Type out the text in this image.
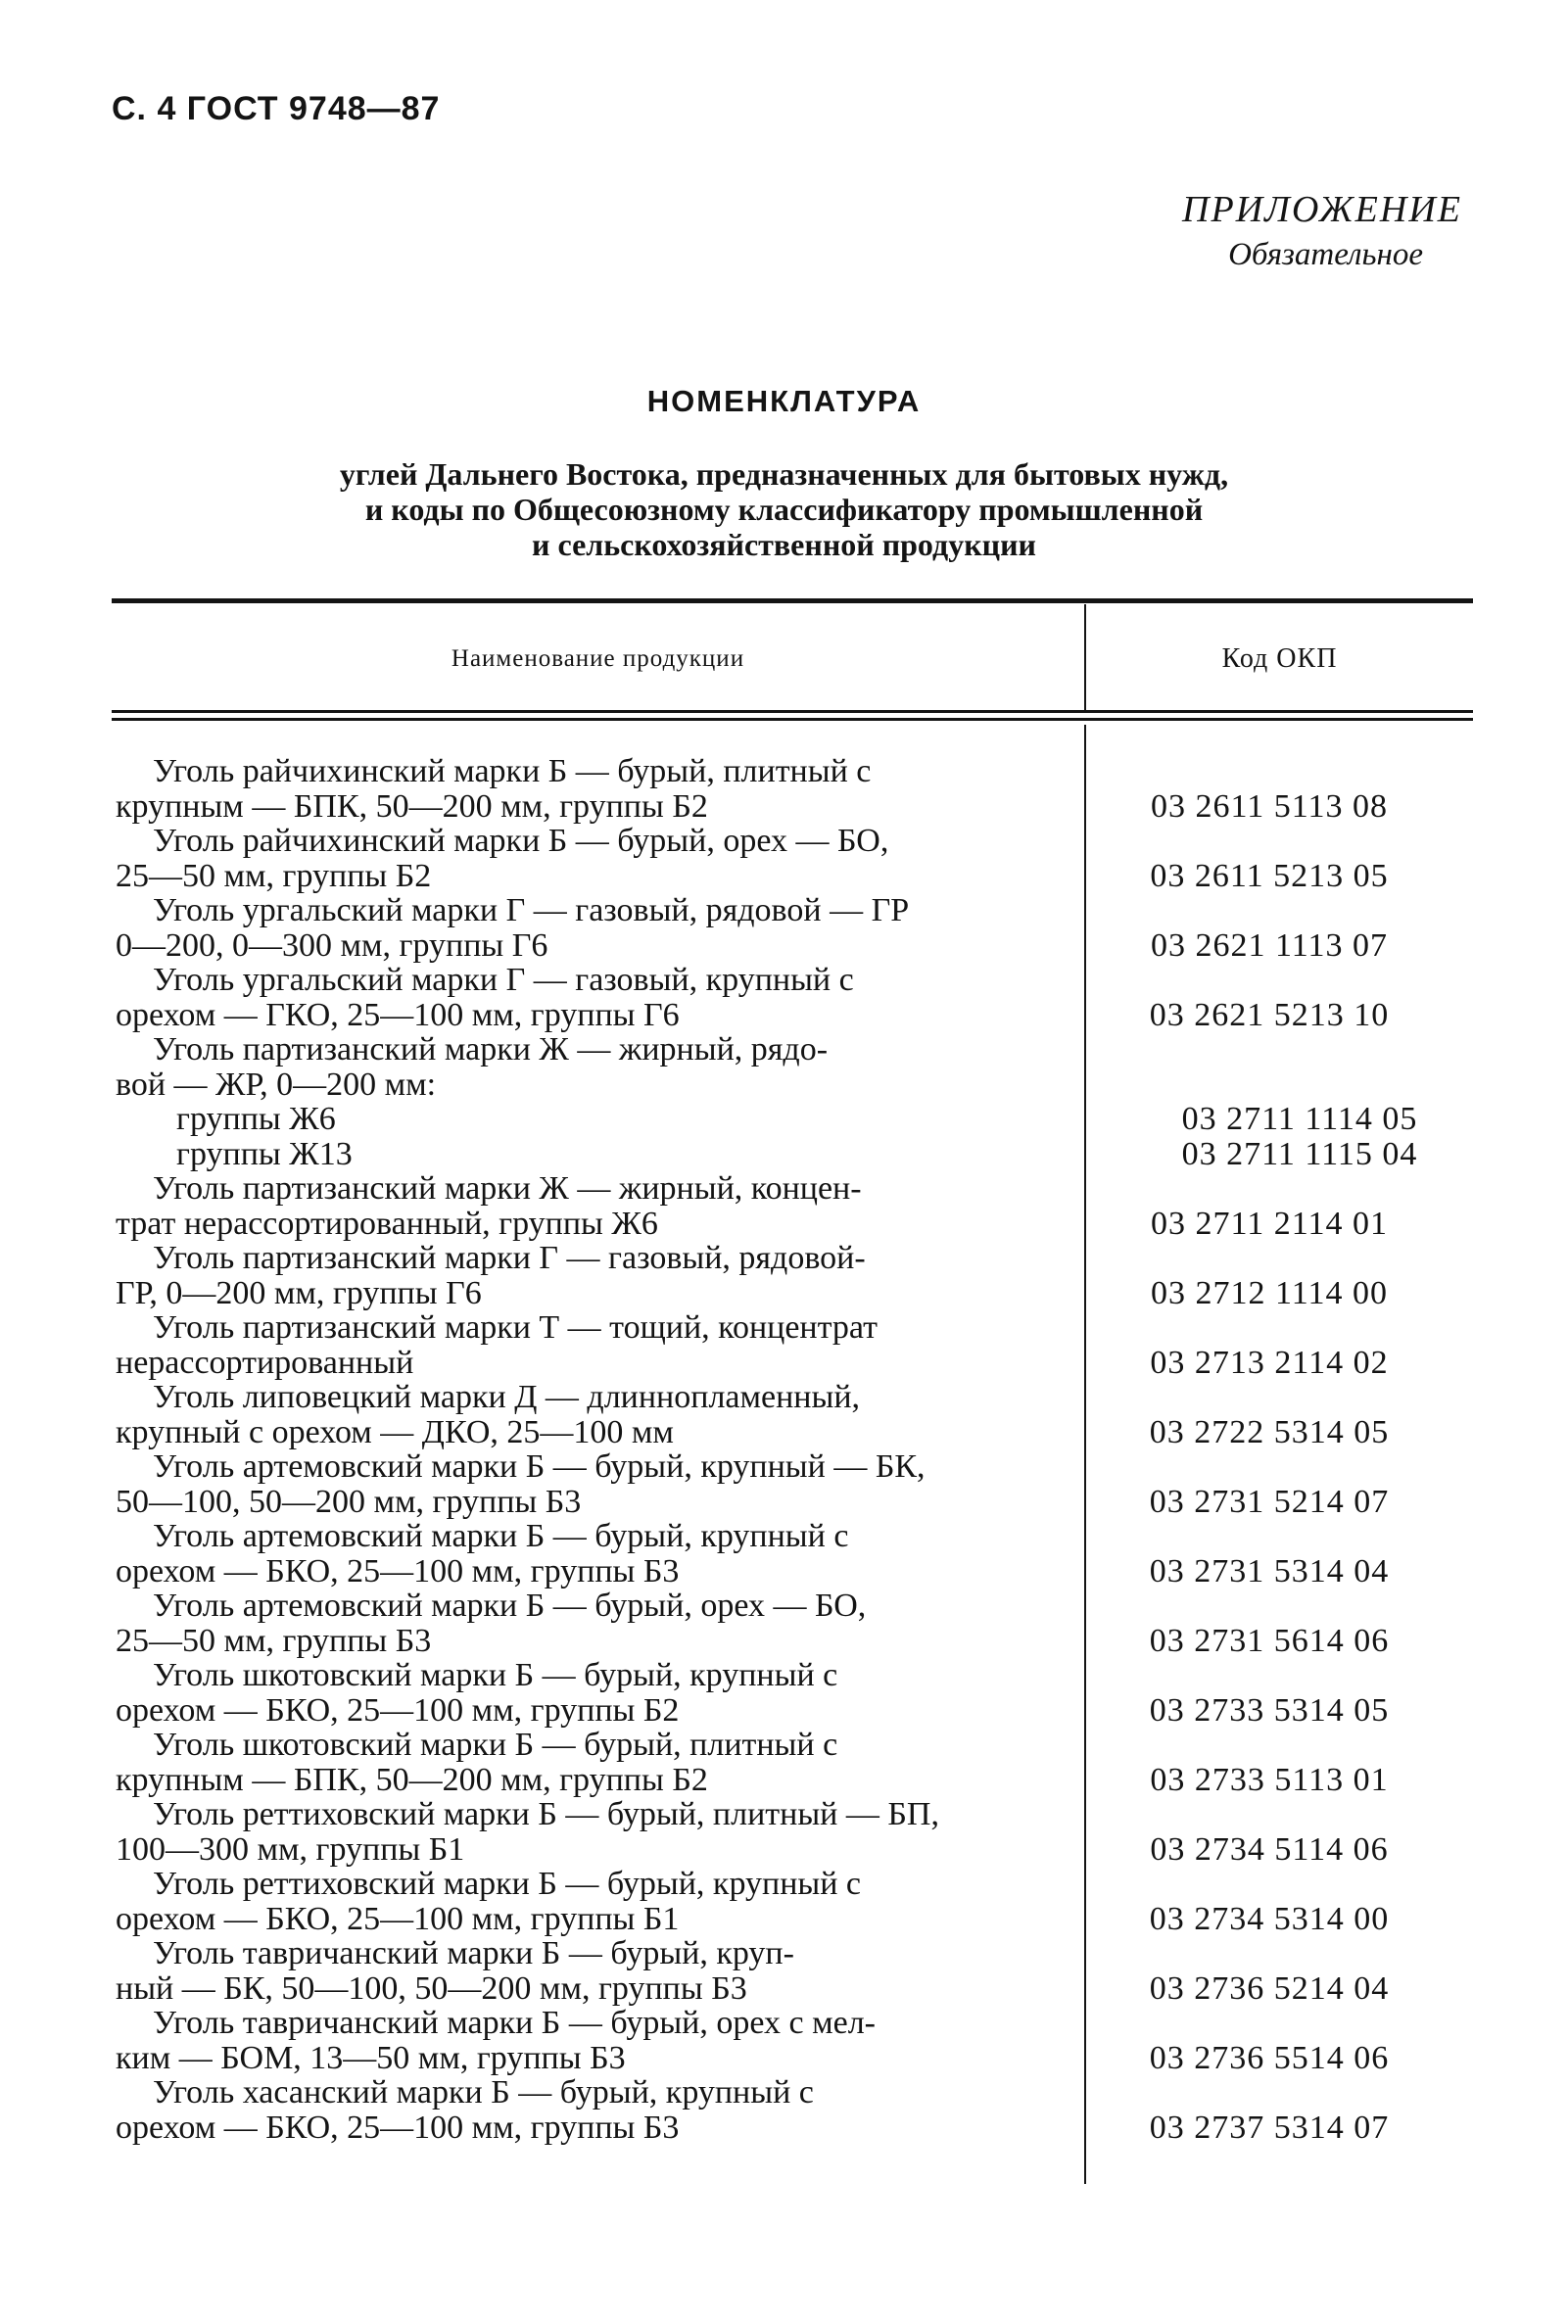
С. 4 ГОСТ 9748—87
ПРИЛОЖЕНИЕ
Обязательное
НОМЕНКЛАТУРА
углей Дальнего Востока, предназначенных для бытовых нужд,
и коды по Общесоюзному классификатору промышленной
и сельскохозяйственной продукции
Наименование продукции	Код ОКП
Уголь райчихинский марки Б — бурый, плитный с
крупным — БПК, 50—200 мм, группы Б2	03 2611 5113 08
Уголь райчихинский марки Б — бурый, орех — БО,
25—50 мм, группы Б2	03 2611 5213 05
Уголь ургальский марки Г — газовый, рядовой — ГР
0—200, 0—300 мм, группы Г6	03 2621 1113 07
Уголь ургальский марки Г — газовый, крупный с
орехом — ГКО, 25—100 мм, группы Г6	03 2621 5213 10
Уголь партизанский марки Ж — жирный, рядо-
вой — ЖР, 0—200 мм:
группы Ж6	03 2711 1114 05
группы Ж13	03 2711 1115 04
Уголь партизанский марки Ж — жирный, концен-
трат нерассортированный, группы Ж6	03 2711 2114 01
Уголь партизанский марки Г — газовый, рядовой-
ГР, 0—200 мм, группы Г6	03 2712 1114 00
Уголь партизанский марки Т — тощий, концентрат
нерассортированный	03 2713 2114 02
Уголь липовецкий марки Д — длиннопламенный,
крупный с орехом — ДКО, 25—100 мм	03 2722 5314 05
Уголь артемовский марки Б — бурый, крупный — БК,
50—100, 50—200 мм, группы Б3	03 2731 5214 07
Уголь артемовский марки Б — бурый, крупный с
орехом — БКО, 25—100 мм, группы Б3	03 2731 5314 04
Уголь артемовский марки Б — бурый, орех — БО,
25—50 мм, группы Б3	03 2731 5614 06
Уголь шкотовский марки Б — бурый, крупный с
орехом — БКО, 25—100 мм, группы Б2	03 2733 5314 05
Уголь шкотовский марки Б — бурый, плитный с
крупным — БПК, 50—200 мм, группы Б2	03 2733 5113 01
Уголь реттиховский марки Б — бурый, плитный — БП,
100—300 мм, группы Б1	03 2734 5114 06
Уголь реттиховский марки Б — бурый, крупный с
орехом — БКО, 25—100 мм, группы Б1	03 2734 5314 00
Уголь тавричанский марки Б — бурый, круп-
ный — БК, 50—100, 50—200 мм, группы Б3	03 2736 5214 04
Уголь тавричанский марки Б — бурый, орех с мел-
ким — БОМ, 13—50 мм, группы Б3	03 2736 5514 06
Уголь хасанский марки Б — бурый, крупный с
орехом — БКО, 25—100 мм, группы Б3	03 2737 5314 07
